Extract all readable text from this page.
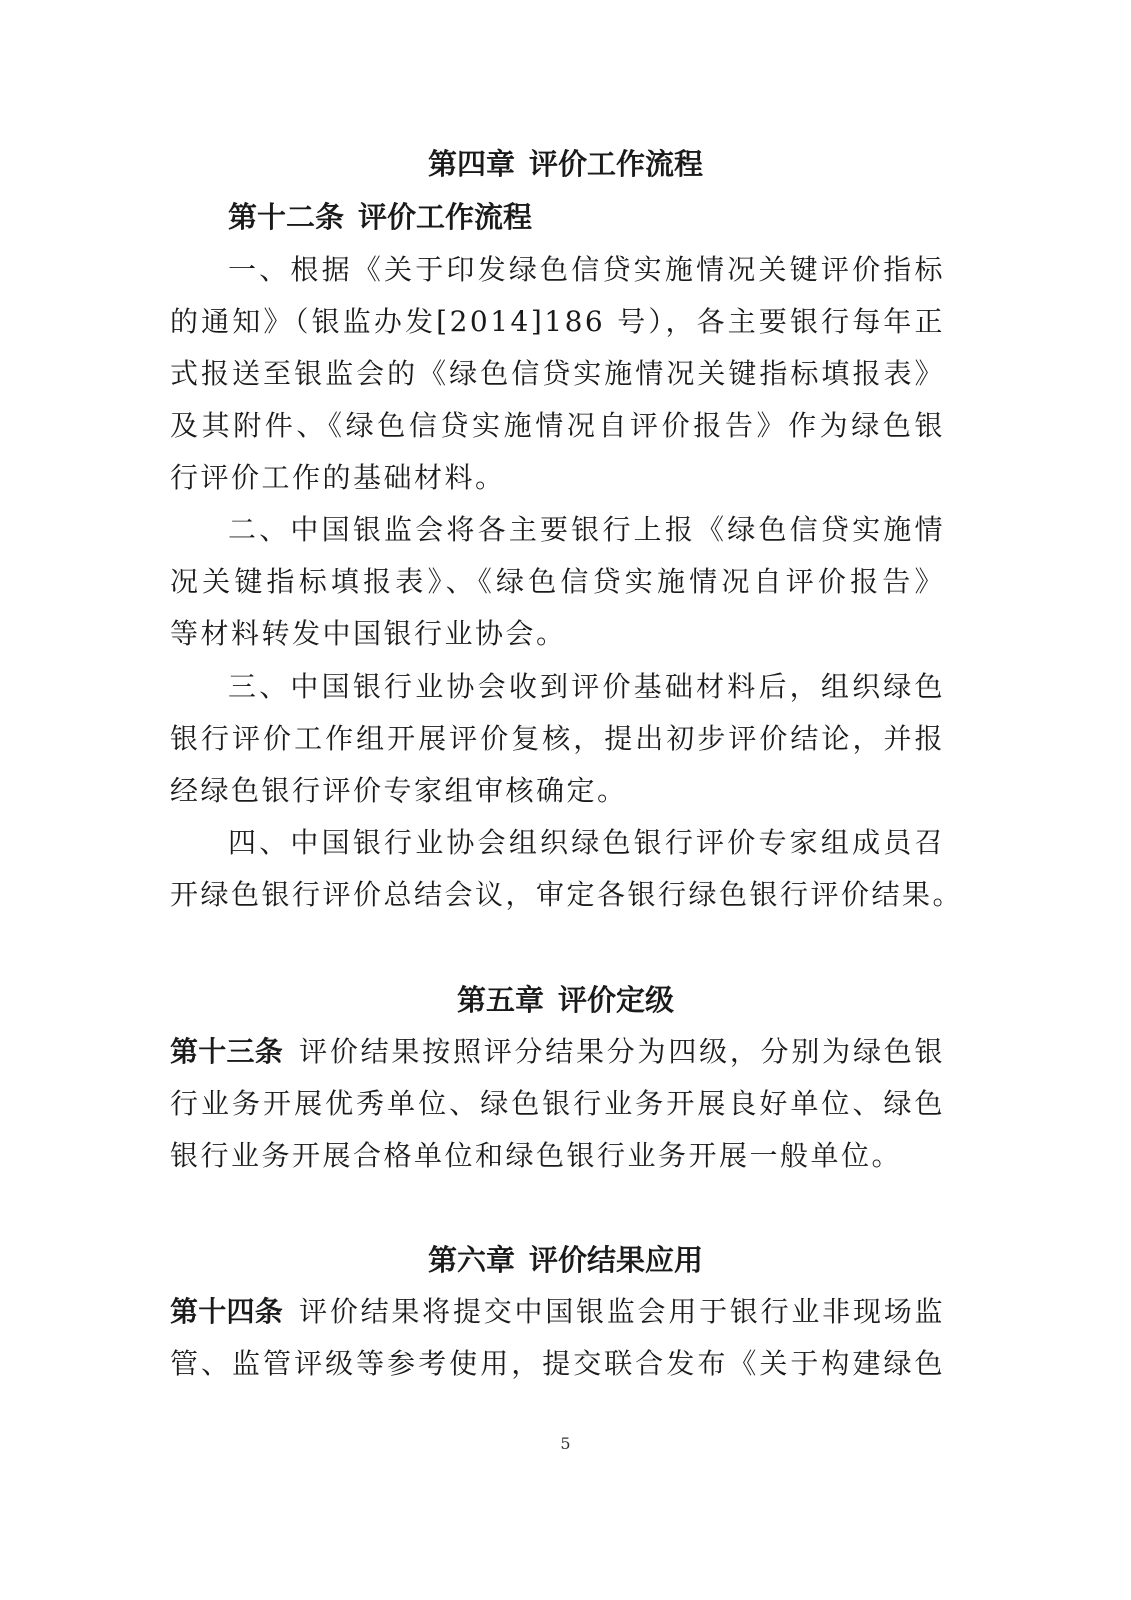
第四章 评价工作流程
第十二条 评价工作流程
一、根据《关于印发绿色信贷实施情况关键评价指标
的通知》（银监办发[2014]186 号），各主要银行每年正
式报送至银监会的《绿色信贷实施情况关键指标填报表》
及其附件、《绿色信贷实施情况自评价报告》作为绿色银
行评价工作的基础材料。
二、中国银监会将各主要银行上报《绿色信贷实施情
况关键指标填报表》、《绿色信贷实施情况自评价报告》
等材料转发中国银行业协会。
三、中国银行业协会收到评价基础材料后，组织绿色
银行评价工作组开展评价复核，提出初步评价结论，并报
经绿色银行评价专家组审核确定。
四、中国银行业协会组织绿色银行评价专家组成员召
开绿色银行评价总结会议，审定各银行绿色银行评价结果。
第五章 评价定级
第十三条 评价结果按照评分结果分为四级，分别为绿色银
行业务开展优秀单位、绿色银行业务开展良好单位、绿色
银行业务开展合格单位和绿色银行业务开展一般单位。
第六章 评价结果应用
第十四条 评价结果将提交中国银监会用于银行业非现场监
管、监管评级等参考使用，提交联合发布《关于构建绿色
5
